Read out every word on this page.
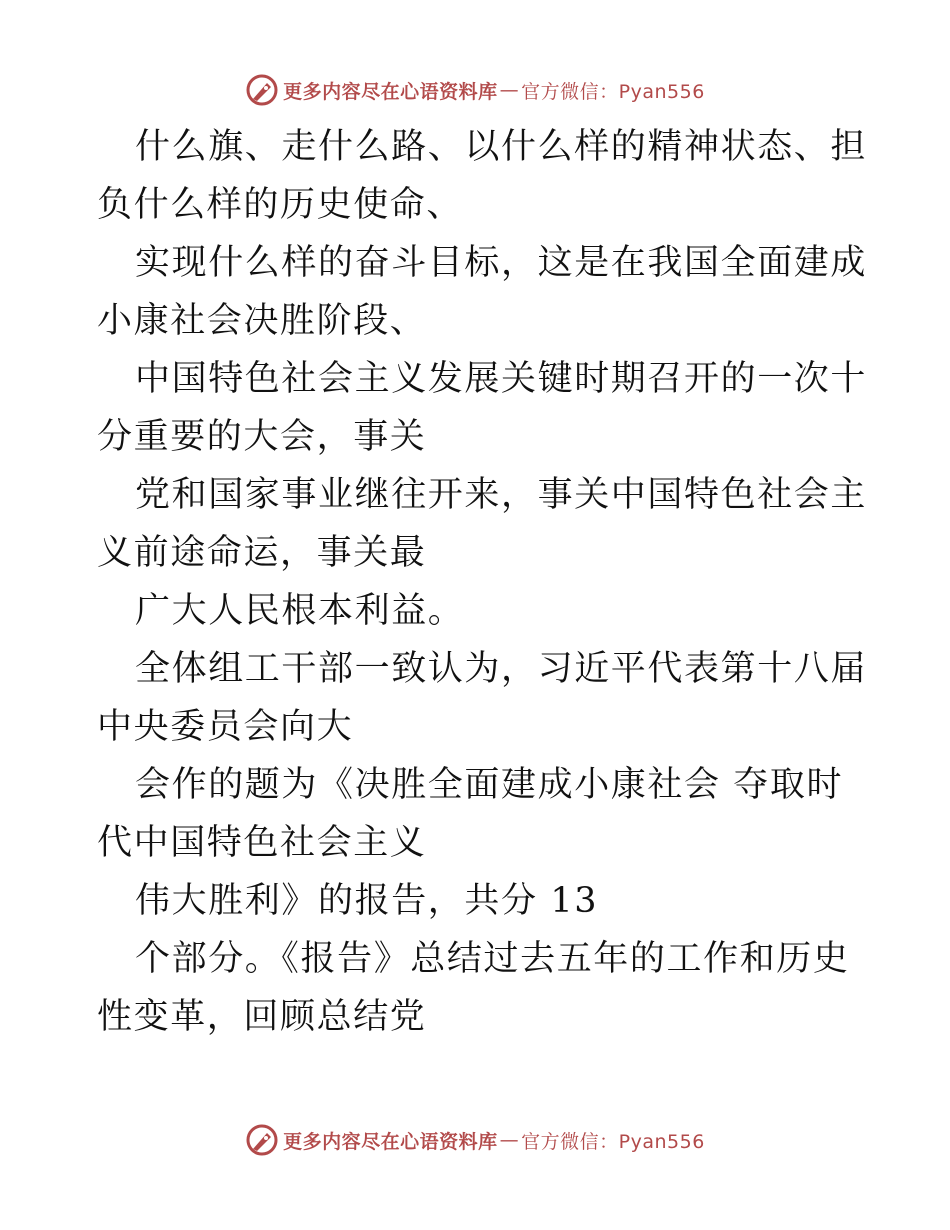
更多内容尽在心语资料库 — 官方微信：Pyan556

什么旗、走什么路、以什么样的精神状态、担负什么样的历史使命、

实现什么样的奋斗目标，这是在我国全面建成小康社会决胜阶段、

中国特色社会主义发展关键时期召开的一次十分重要的大会，事关

党和国家事业继往开来，事关中国特色社会主义前途命运，事关最

广大人民根本利益。

全体组工干部一致认为，习近平代表第十八届中央委员会向大

会作的题为《决胜全面建成小康社会 夺取时代中国特色社会主义

伟大胜利》的报告，共分 13

个部分。《报告》总结过去五年的工作和历史性变革，回顾总结党

更多内容尽在心语资料库 — 官方微信：Pyan556
